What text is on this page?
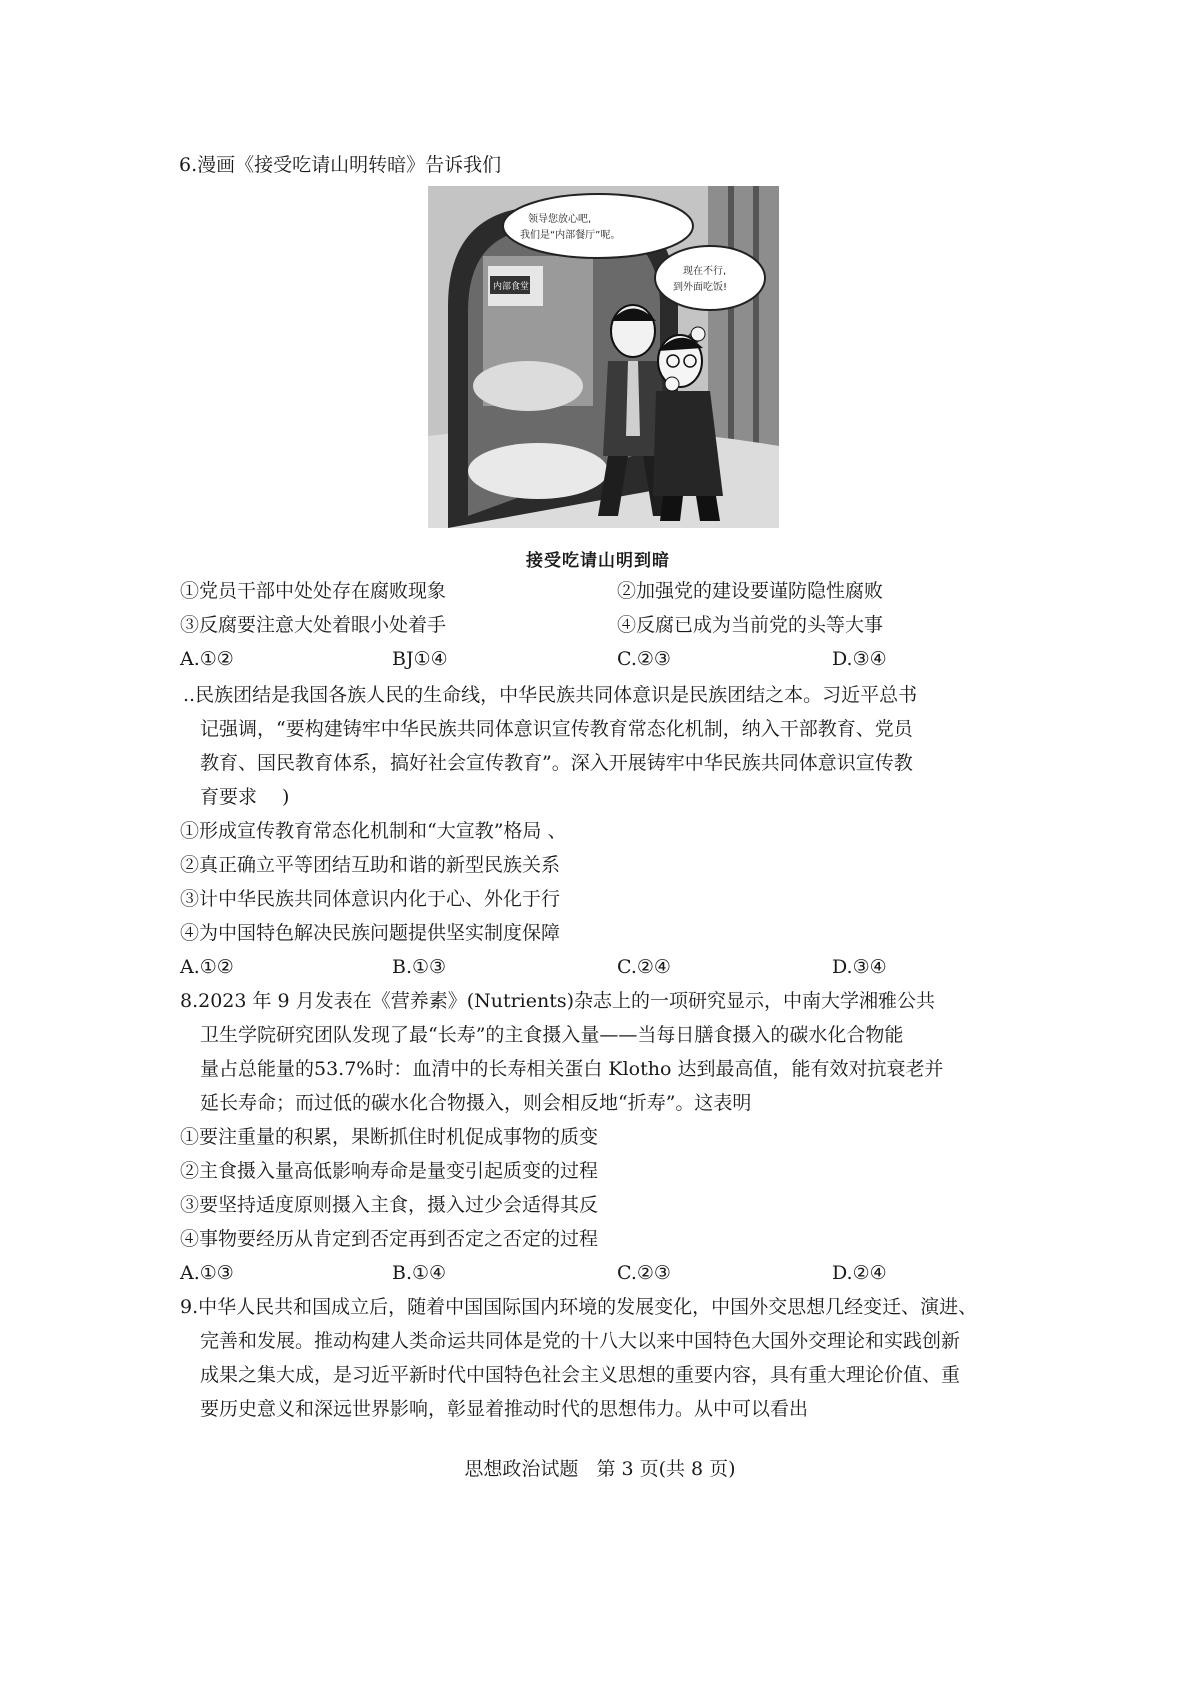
6.漫画《接受吃请山明转暗》告诉我们
内部食堂
领导您放心吧,
我们是“内部餐厅”呢。
现在不行,
到外面吃饭!
接受吃请山明到暗
①党员干部中处处存在腐败现象	②加强党的建设要谨防隐性腐败
③反腐要注意大处着眼小处着手	④反腐已成为当前党的头等大事
A.①②	BJ①④	C.②③	D.③④
..民族团结是我国各族人民的生命线，中华民族共同体意识是民族团结之本。习近平总书
记强调，“要构建铸牢中华民族共同体意识宣传教育常态化机制，纳入干部教育、党员
教育、国民教育体系，搞好社会宣传教育”。深入开展铸牢中华民族共同体意识宣传教
育要求　 )
①形成宣传教育常态化机制和“大宣教”格局 、
②真正确立平等团结互助和谐的新型民族关系
③计中华民族共同体意识内化于心、外化于行
④为中国特色解决民族问题提供坚实制度保障
A.①②	B.①③	C.②④	D.③④
8.2023 年 9 月发表在《营养素》(Nutrients)杂志上的一项研究显示，中南大学湘雅公共
卫生学院研究团队发现了最“长寿”的主食摄入量——当每日膳食摄入的碳水化合物能
量占总能量的53.7%时：血清中的长寿相关蛋白 Klotho 达到最高值，能有效对抗衰老并
延长寿命；而过低的碳水化合物摄入，则会相反地“折寿”。这表明
①要注重量的积累，果断抓住时机促成事物的质变
②主食摄入量高低影响寿命是量变引起质变的过程
③要坚持适度原则摄入主食，摄入过少会适得其反
④事物要经历从肯定到否定再到否定之否定的过程
A.①③	B.①④	C.②③	D.②④
9.中华人民共和国成立后，随着中国国际国内环境的发展变化，中国外交思想几经变迁、演进、
完善和发展。推动构建人类命运共同体是党的十八大以来中国特色大国外交理论和实践创新
成果之集大成，是习近平新时代中国特色社会主义思想的重要内容，具有重大理论价值、重
要历史意义和深远世界影响，彰显着推动时代的思想伟力。从中可以看出
思想政治试题 第 3 页(共 8 页)
